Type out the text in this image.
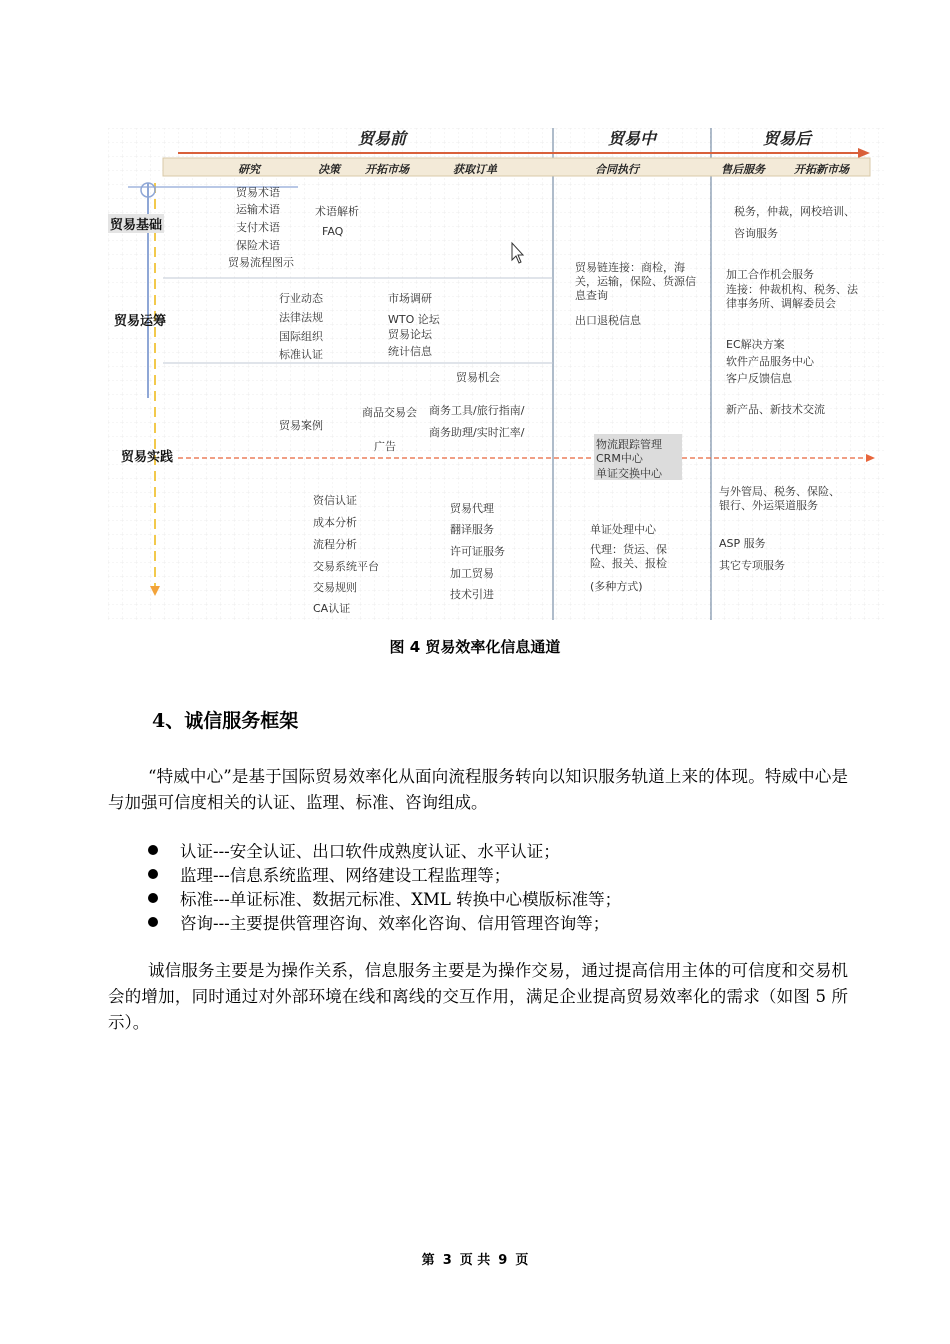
贸易前	贸易中	贸易后
研究	决策 开拓市场	获取订单	合同执行	售后服务	开拓新市场
贸易基础
贸易运筹
贸易实践
贸易术语
运输术语
支付术语
保险术语
贸易流程图示
术语解析
FAQ
税务，仲裁，网校培训、
咨询服务
贸易链连接：商检，海关，运输，保险、货源信息查询
出口退税信息
加工合作机会服务
连接：仲裁机构、税务、法律事务所、调解委员会
EC解决方案
软件产品服务中心
客户反馈信息
行业动态
法律法规
国际组织
标准认证
市场调研
WTO 论坛
贸易论坛
统计信息
贸易机会
商品交易会 商务工具/旅行指南/
商务助理/实时汇率/
贸易案例
广告
新产品、新技术交流
物流跟踪管理
CRM中心
单证交换中心
资信认证
成本分析
流程分析
交易系统平台
交易规则
CA认证
贸易代理
翻译服务
许可证服务
加工贸易
技术引进
单证处理中心
代理：货运、保险、报关、报检
(多种方式)
与外管局、税务、保险、银行、外运渠道服务
ASP 服务
其它专项服务
图 4 贸易效率化信息通道
4、诚信服务框架
“特威中心”是基于国际贸易效率化从面向流程服务转向以知识服务轨道上来的体现。特威中心是与加强可信度相关的认证、监理、标准、咨询组成。
认证---安全认证、出口软件成熟度认证、水平认证；
监理---信息系统监理、网络建设工程监理等；
标准---单证标准、数据元标准、XML 转换中心模版标准等；
咨询---主要提供管理咨询、效率化咨询、信用管理咨询等；
诚信服务主要是为操作关系，信息服务主要是为操作交易，通过提高信用主体的可信度和交易机会的增加，同时通过对外部环境在线和离线的交互作用，满足企业提高贸易效率化的需求（如图 5 所示）。
第 3 页 共 9 页
